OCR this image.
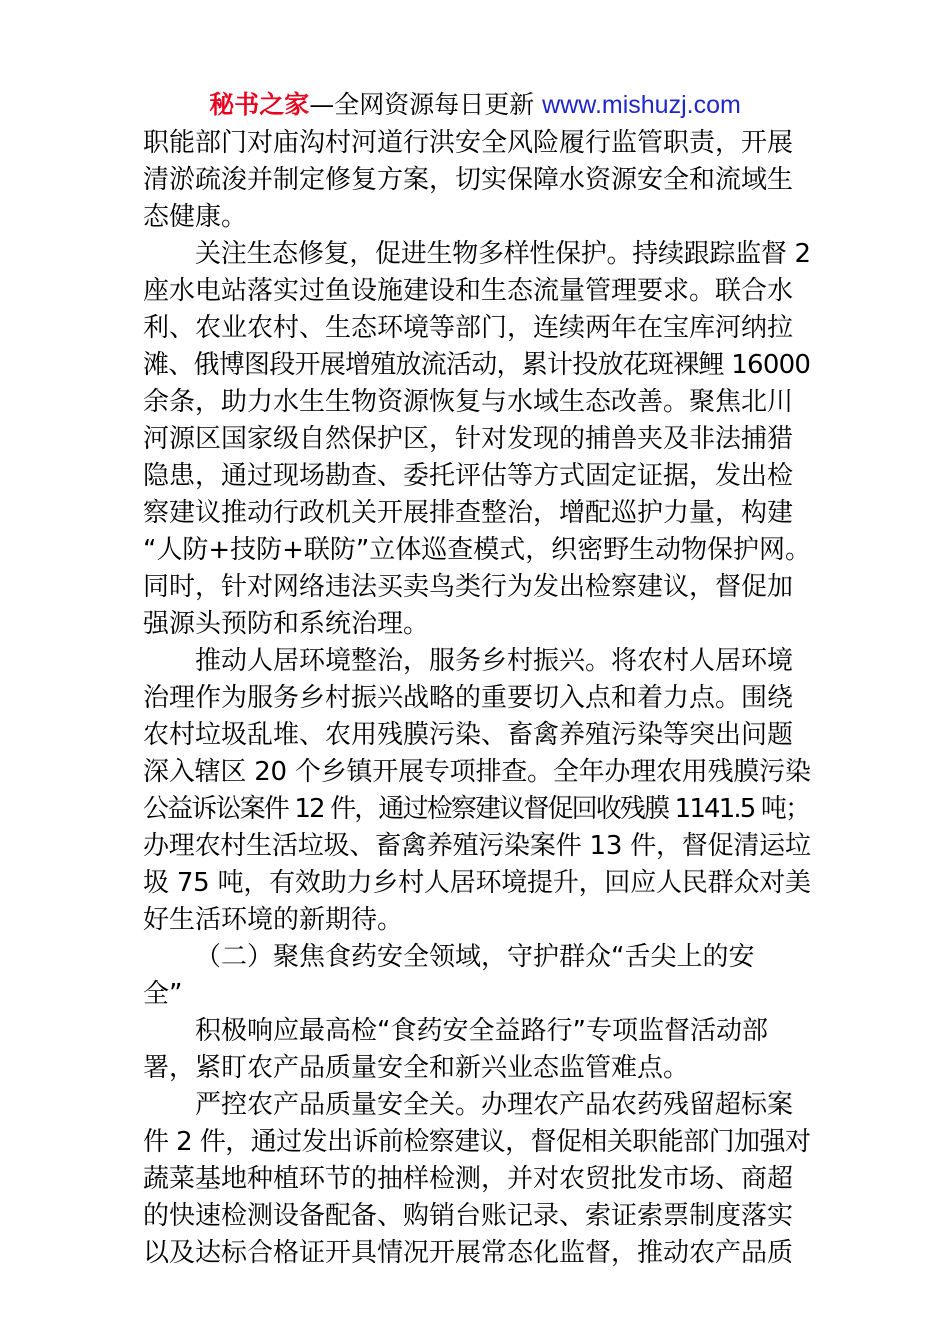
秘书之家—全网资源每日更新 www.mishuzj.com
职能部门对庙沟村河道行洪安全风险履行监管职责，开展
清淤疏浚并制定修复方案，切实保障水资源安全和流域生
态健康。
关注生态修复，促进生物多样性保护。持续跟踪监督 2
座水电站落实过鱼设施建设和生态流量管理要求。联合水
利、农业农村、生态环境等部门，连续两年在宝库河纳拉
滩、俄博图段开展增殖放流活动，累计投放花斑裸鲤 16000
余条，助力水生生物资源恢复与水域生态改善。聚焦北川
河源区国家级自然保护区，针对发现的捕兽夹及非法捕猎
隐患，通过现场勘查、委托评估等方式固定证据，发出检
察建议推动行政机关开展排查整治，增配巡护力量，构建
“人防+技防+联防”立体巡查模式，织密野生动物保护网。
同时，针对网络违法买卖鸟类行为发出检察建议，督促加
强源头预防和系统治理。
推动人居环境整治，服务乡村振兴。将农村人居环境
治理作为服务乡村振兴战略的重要切入点和着力点。围绕
农村垃圾乱堆、农用残膜污染、畜禽养殖污染等突出问题
深入辖区 20 个乡镇开展专项排查。全年办理农用残膜污染
公益诉讼案件 12 件，通过检察建议督促回收残膜 1141.5 吨；
办理农村生活垃圾、畜禽养殖污染案件 13 件，督促清运垃
圾 75 吨，有效助力乡村人居环境提升，回应人民群众对美
好生活环境的新期待。
（二）聚焦食药安全领域，守护群众“舌尖上的安
全”
积极响应最高检“食药安全益路行”专项监督活动部
署，紧盯农产品质量安全和新兴业态监管难点。
严控农产品质量安全关。办理农产品农药残留超标案
件 2 件，通过发出诉前检察建议，督促相关职能部门加强对
蔬菜基地种植环节的抽样检测，并对农贸批发市场、商超
的快速检测设备配备、购销台账记录、索证索票制度落实
以及达标合格证开具情况开展常态化监督，推动农产品质
